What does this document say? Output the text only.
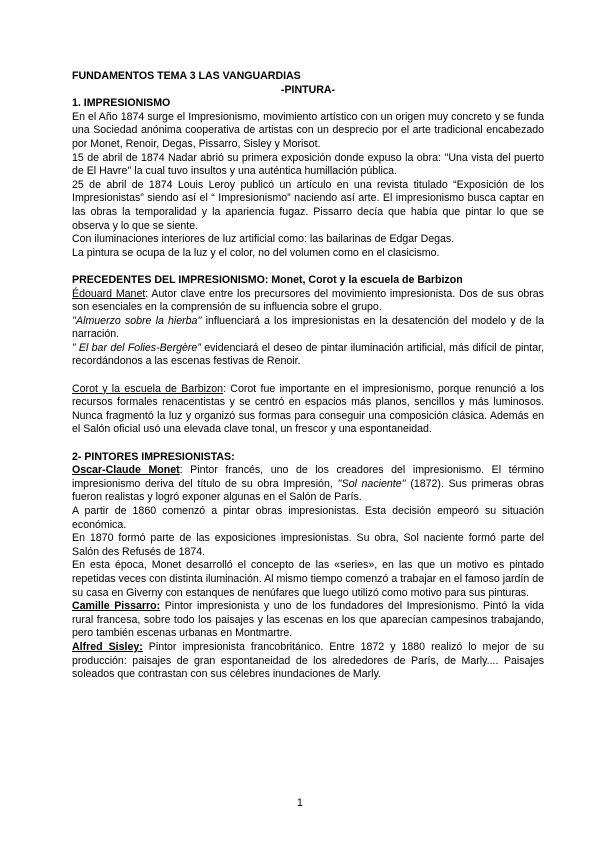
FUNDAMENTOS TEMA 3 LAS VANGUARDIAS

-PINTURA-

1. IMPRESIONISMO

En el Año 1874 surge el Impresionismo, movimiento artístico con un origen muy concreto y se funda una Sociedad anónima cooperativa de artistas con un desprecio por el arte tradicional encabezado por Monet, Renoir, Degas, Pissarro, Sisley y Morisot.

15 de abril de 1874 Nadar abrió su primera exposición donde expuso la obra: ''Una vista del puerto de El Havre'' la cual tuvo insultos y una auténtica humillación pública.

25 de abril de 1874 Louis Leroy publicó un artículo en una revista titulado “Exposición de los Impresionistas” siendo así el “ Impresionismo” naciendo así arte. El impresionismo busca captar en las obras la temporalidad y la apariencia fugaz. Pissarro decía que había que pintar lo que se observa y lo que se siente.

Con iluminaciones interiores de luz artificial como: las bailarinas de Edgar Degas.

La pintura se ocupa de la luz y el color, no del volumen como en el clasicismo.

PRECEDENTES DEL IMPRESIONISMO: Monet, Corot y la escuela de Barbizon

Édouard Manet: Autor clave entre los precursores del movimiento impresionista. Dos de sus obras son esenciales en la comprensión de su influencia sobre el grupo.

''Almuerzo sobre la hierba'' influenciará a los impresionistas en la desatención del modelo y de la narración.

” El bar del Folies-Bergère” evidenciará el deseo de pintar iluminación artificial, más difícil de pintar, recordándonos a las escenas festivas de Renoir.

Corot y la escuela de Barbizon: Corot fue importante en el impresionismo, porque renunció a los recursos formales renacentistas y se centró en espacios más planos, sencillos y más luminosos. Nunca fragmentó la luz y organizó sus formas para conseguir una composición clásica. Además en el Salón oficial usó una elevada clave tonal, un frescor y una espontaneidad.

2- PINTORES IMPRESIONISTAS:

Oscar-Claude Monet: Pintor francés, uno de los creadores del impresionismo. El término impresionismo deriva del título de su obra Impresión, ''Sol naciente'' (1872). Sus primeras obras fueron realistas y logró exponer algunas en el Salón de París.

A partir de 1860 comenzó a pintar obras impresionistas. Esta decisión empeoró su situación económica.

En 1870 formó parte de las exposiciones impresionistas. Su obra, Sol naciente formó parte del Salón des Refusés de 1874.

En esta época, Monet desarrolló el concepto de las «series», en las que un motivo es pintado repetidas veces con distinta iluminación. Al mismo tiempo comenzó a trabajar en el famoso jardín de su casa en Giverny con estanques de nenúfares que luego utilizó como motivo para sus pinturas.

Camille Pissarro: Pintor impresionista y uno de los fundadores del Impresionismo. Pintó la vida rural francesa, sobre todo los paisajes y las escenas en los que aparecían campesinos trabajando, pero también escenas urbanas en Montmartre.

Alfred Sisley: Pintor impresionista francobritánico. Entre 1872 y 1880 realizó lo mejor de su producción: paisajes de gran espontaneidad de los alrededores de París, de Marly.... Paisajes soleados que contrastan con sus célebres inundaciones de Marly.

1
